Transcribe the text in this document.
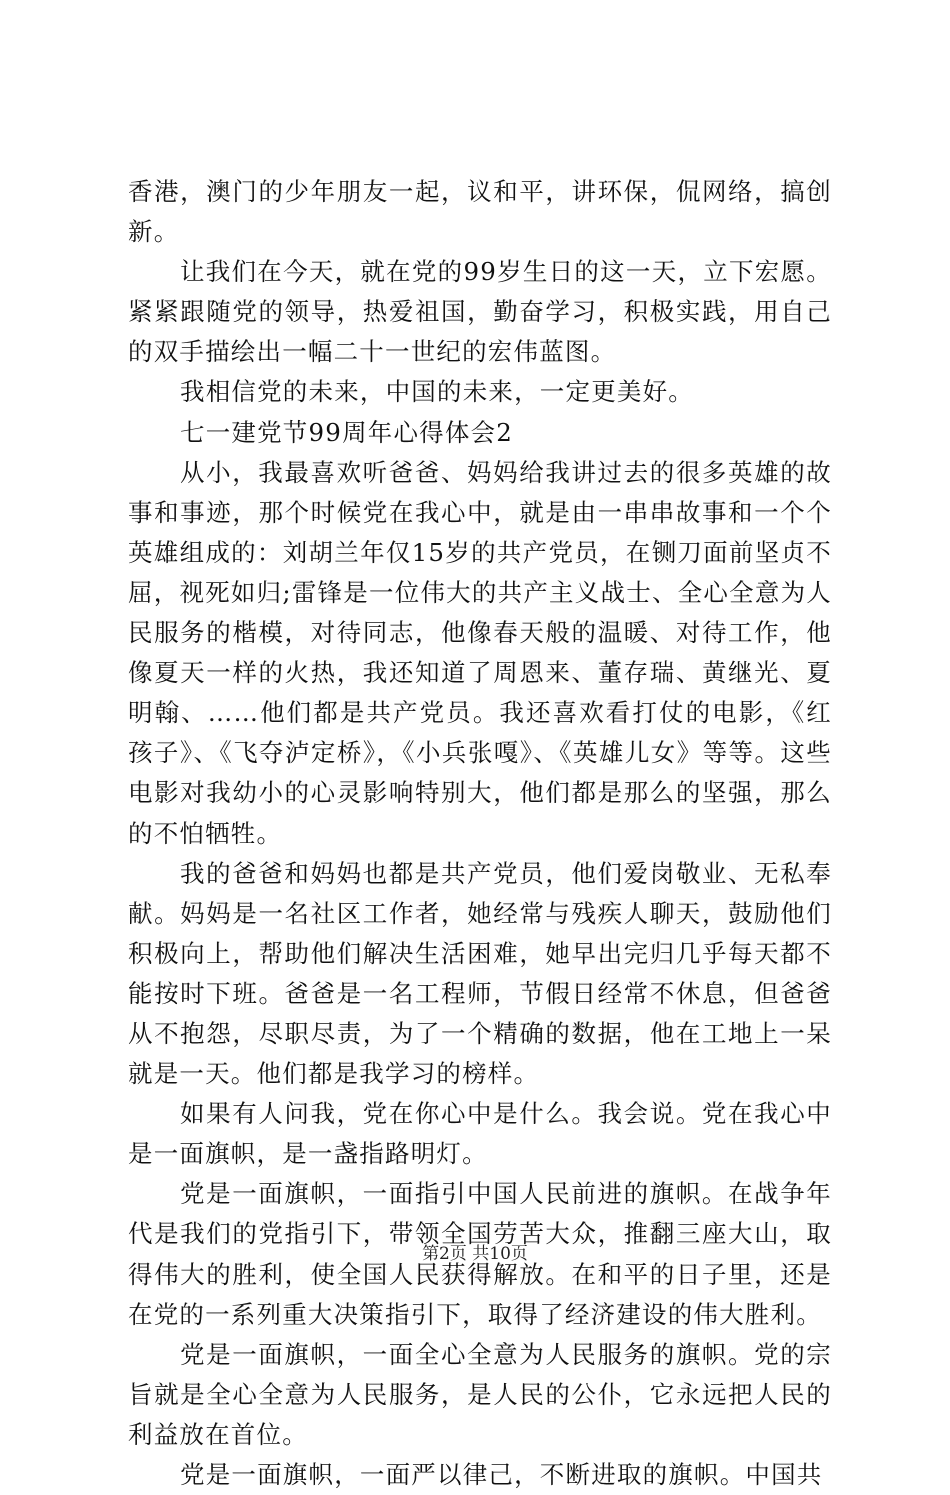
香港，澳门的少年朋友一起，议和平，讲环保，侃网络，搞创新。

让我们在今天，就在党的99岁生日的这一天，立下宏愿。紧紧跟随党的领导，热爱祖国，勤奋学习，积极实践，用自己的双手描绘出一幅二十一世纪的宏伟蓝图。

我相信党的未来，中国的未来，一定更美好。

七一建党节99周年心得体会2

从小，我最喜欢听爸爸、妈妈给我讲过去的很多英雄的故事和事迹，那个时候党在我心中，就是由一串串故事和一个个英雄组成的：刘胡兰年仅15岁的共产党员，在铡刀面前坚贞不屈，视死如归;雷锋是一位伟大的共产主义战士、全心全意为人民服务的楷模，对待同志，他像春天般的温暖、对待工作，他像夏天一样的火热，我还知道了周恩来、董存瑞、黄继光、夏明翰、……他们都是共产党员。我还喜欢看打仗的电影，《红孩子》、《飞夺泸定桥》，《小兵张嘎》、《英雄儿女》等等。这些电影对我幼小的心灵影响特别大，他们都是那么的坚强，那么的不怕牺牲。

我的爸爸和妈妈也都是共产党员，他们爱岗敬业、无私奉献。妈妈是一名社区工作者，她经常与残疾人聊天，鼓励他们积极向上，帮助他们解决生活困难，她早出完归几乎每天都不能按时下班。爸爸是一名工程师，节假日经常不休息，但爸爸从不抱怨，尽职尽责，为了一个精确的数据，他在工地上一呆就是一天。他们都是我学习的榜样。

如果有人问我，党在你心中是什么。我会说。党在我心中是一面旗帜，是一盏指路明灯。

党是一面旗帜，一面指引中国人民前进的旗帜。在战争年代是我们的党指引下，带领全国劳苦大众，推翻三座大山，取得伟大的胜利，使全国人民获得解放。在和平的日子里，还是在党的一系列重大决策指引下，取得了经济建设的伟大胜利。

党是一面旗帜，一面全心全意为人民服务的旗帜。党的宗旨就是全心全意为人民服务，是人民的公仆，它永远把人民的利益放在首位。

党是一面旗帜，一面严以律己，不断进取的旗帜。中国共

第2页 共10页
